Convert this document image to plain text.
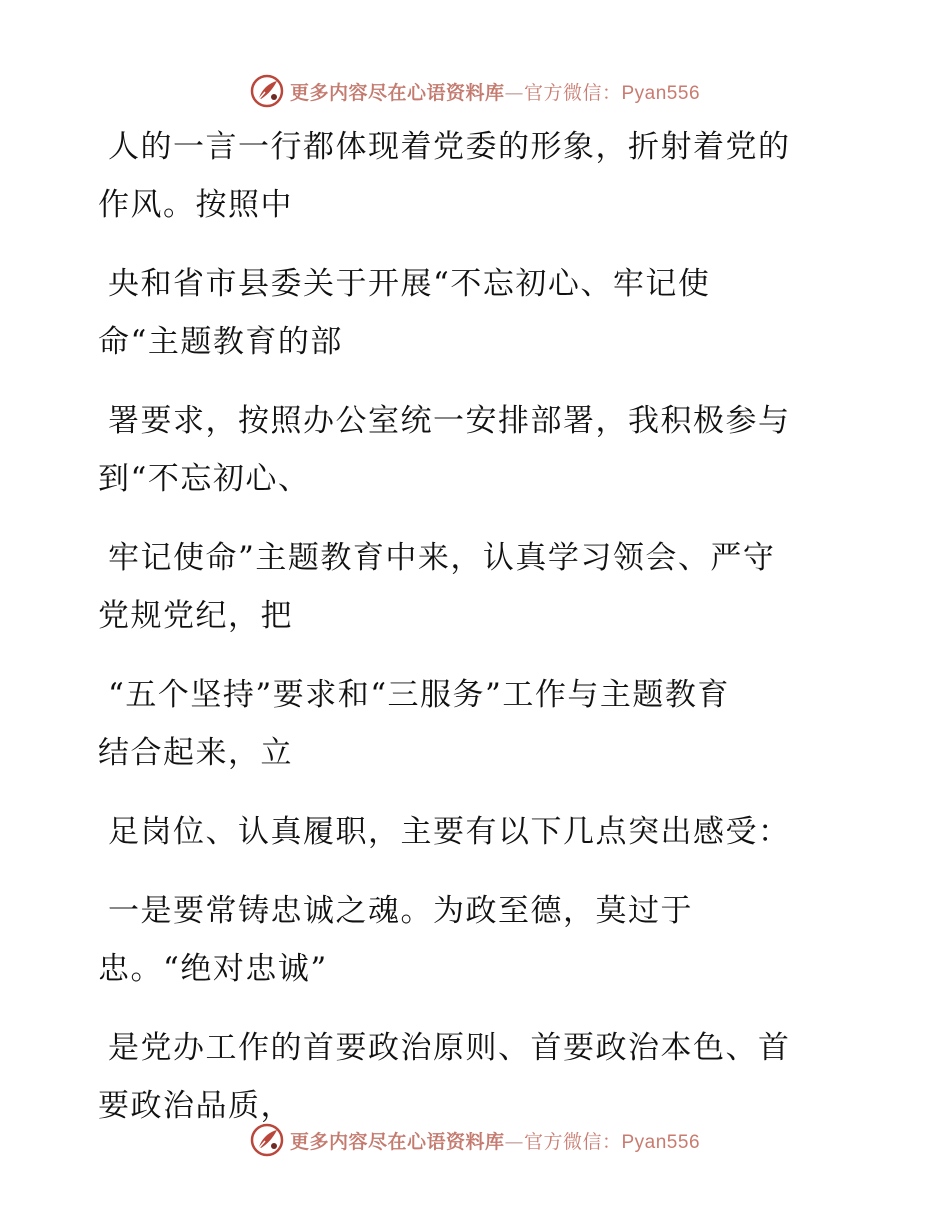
更多内容尽在心语资料库—官方微信：Pyan556

人的一言一行都体现着党委的形象，折射着党的
作风。按照中

央和省市县委关于开展“不忘初心、牢记使
命“主题教育的部

署要求，按照办公室统一安排部署，我积极参与
到“不忘初心、

牢记使命”主题教育中来，认真学习领会、严守
党规党纪，把

“五个坚持”要求和“三服务”工作与主题教育
结合起来，立

足岗位、认真履职，主要有以下几点突出感受：

一是要常铸忠诚之魂。为政至德，莫过于
忠。“绝对忠诚”

是党办工作的首要政治原则、首要政治本色、首
要政治品质，

更多内容尽在心语资料库—官方微信：Pyan556
